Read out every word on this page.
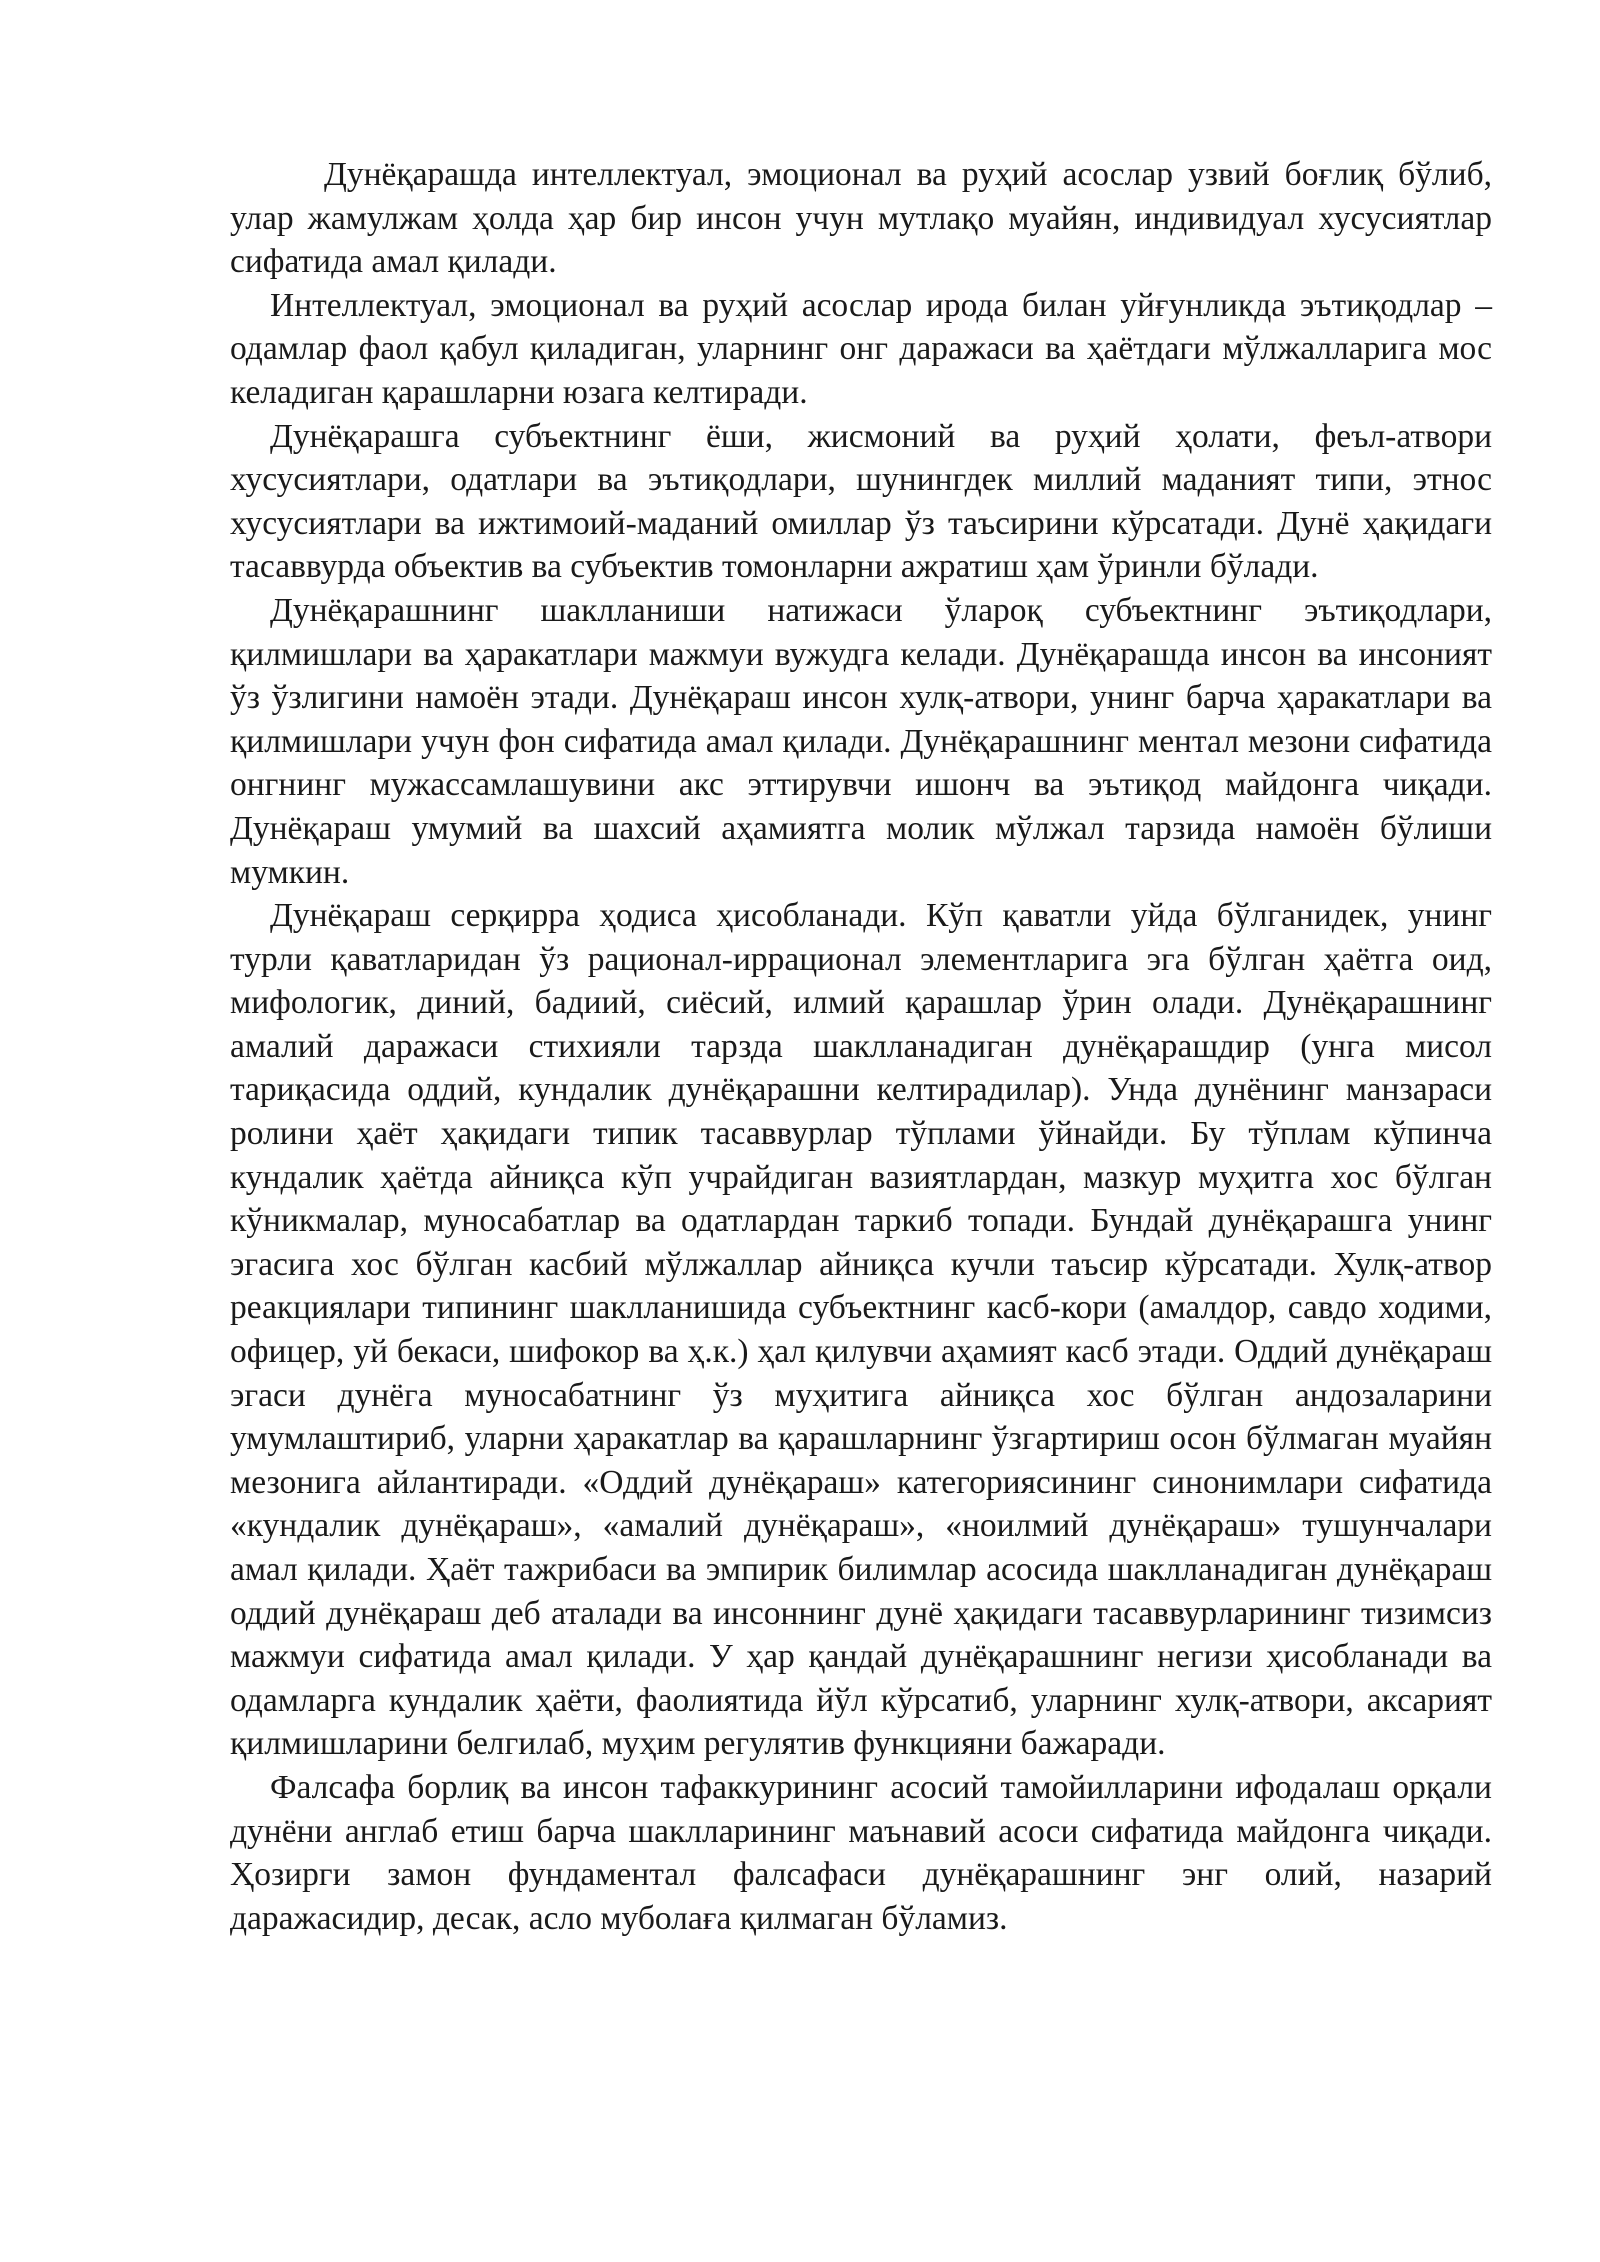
Дунёқарашда интеллектуал, эмоционал ва руҳий асослар узвий боғлиқ бўлиб, улар жамулжам ҳолда ҳар бир инсон учун мутлақо муайян, индивидуал хусусиятлар сифатида амал қилади.

Интеллектуал, эмоционал ва руҳий асослар ирода билан уйғунликда эътиқодлар – одамлар фаол қабул қиладиган, уларнинг онг даражаси ва ҳаётдаги мўлжалларига мос келадиган қарашларни юзага келтиради.

Дунёқарашга субъектнинг ёши, жисмоний ва руҳий ҳолати, феъл-атвори хусусиятлари, одатлари ва эътиқодлари, шунингдек миллий маданият типи, этнос хусусиятлари ва ижтимоий-маданий омиллар ўз таъсирини кўрсатади. Дунё ҳақидаги тасаввурда объектив ва субъектив томонларни ажратиш ҳам ўринли бўлади.

Дунёқарашнинг шаклланиши натижаси ўлароқ субъектнинг эътиқодлари, қилмишлари ва ҳаракатлари мажмуи вужудга келади. Дунёқарашда инсон ва инсоният ўз ўзлигини намоён этади. Дунёқараш инсон хулқ-атвори, унинг барча ҳаракатлари ва қилмишлари учун фон сифатида амал қилади. Дунёқарашнинг ментал мезони сифатида онгнинг мужассамлашувини акс эттирувчи ишонч ва эътиқод майдонга чиқади. Дунёқараш умумий ва шахсий аҳамиятга молик мўлжал тарзида намоён бўлиши мумкин.

Дунёқараш серқирра ҳодиса ҳисобланади. Кўп қаватли уйда бўлганидек, унинг турли қаватларидан ўз рационал-иррационал элементларига эга бўлган ҳаётга оид, мифологик, диний, бадиий, сиёсий, илмий қарашлар ўрин олади. Дунёқарашнинг амалий даражаси стихияли тарзда шаклланадиган дунёқарашдир (унга мисол тариқасида оддий, кундалик дунёқарашни келтирадилар). Унда дунёнинг манзараси ролини ҳаёт ҳақидаги типик тасаввурлар тўплами ўйнайди. Бу тўплам кўпинча кундалик ҳаётда айниқса кўп учрайдиган вазиятлардан, мазкур муҳитга хос бўлган кўникмалар, муносабатлар ва одатлардан таркиб топади. Бундай дунёқарашга унинг эгасига хос бўлган касбий мўлжаллар айниқса кучли таъсир кўрсатади. Хулқ-атвор реакциялари типининг шаклланишида субъектнинг касб-кори (амалдор, савдо ходими, офицер, уй бекаси, шифокор ва ҳ.к.) ҳал қилувчи аҳамият касб этади. Оддий дунёқараш эгаси дунёга муносабатнинг ўз муҳитига айниқса хос бўлган андозаларини умумлаштириб, уларни ҳаракатлар ва қарашларнинг ўзгартириш осон бўлмаган муайян мезонига айлантиради. «Оддий дунёқараш» категориясининг синонимлари сифатида «кундалик дунёқараш», «амалий дунёқараш», «ноилмий дунёқараш» тушунчалари амал қилади. Ҳаёт тажрибаси ва эмпирик билимлар асосида шаклланадиган дунёқараш оддий дунёқараш деб аталади ва инсоннинг дунё ҳақидаги тасаввурларининг тизимсиз мажмуи сифатида амал қилади. У ҳар қандай дунёқарашнинг негизи ҳисобланади ва одамларга кундалик ҳаёти, фаолиятида йўл кўрсатиб, уларнинг хулқ-атвори, аксарият қилмишларини белгилаб, муҳим регулятив функцияни бажаради.

Фалсафа борлиқ ва инсон тафаккурининг асосий тамойилларини ифодалаш орқали дунёни англаб етиш барча шаклларининг маънавий асоси сифатида майдонга чиқади. Ҳозирги замон фундаментал фалсафаси дунёқарашнинг энг олий, назарий даражасидир, десак, асло муболаға қилмаган бўламиз.
